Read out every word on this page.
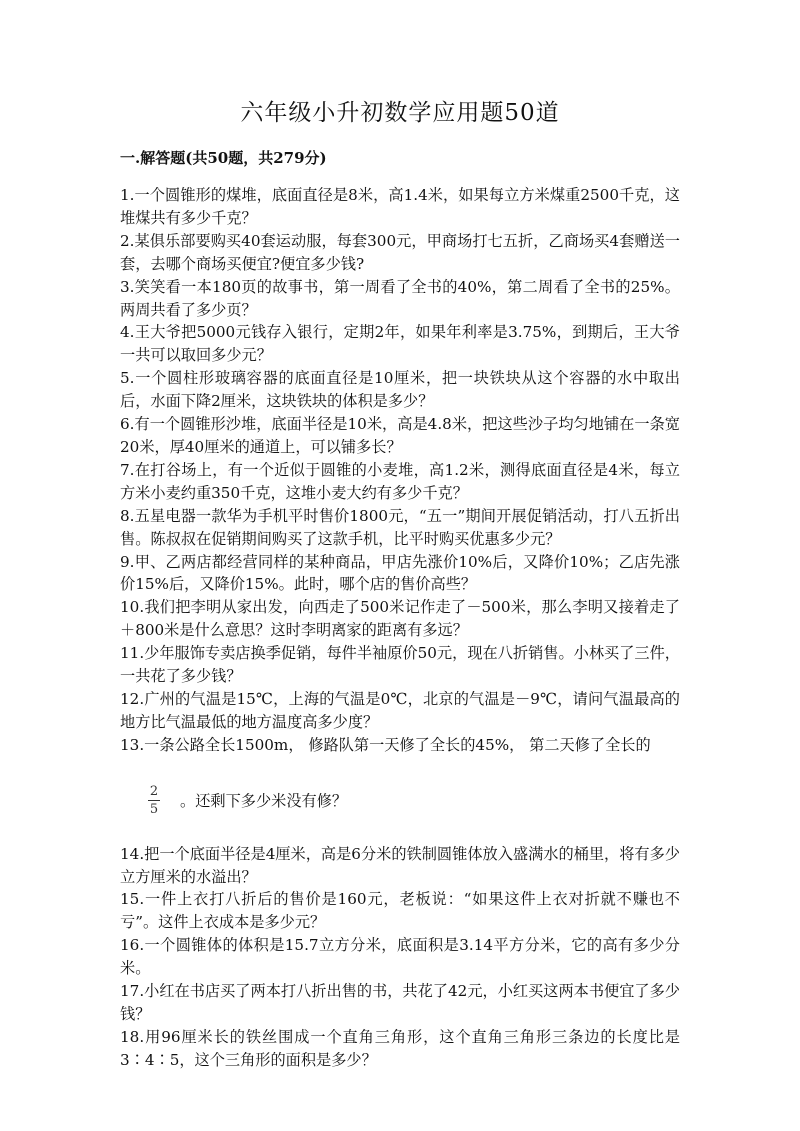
六年级小升初数学应用题50道
一.解答题(共50题，共279分)

1.一个圆锥形的煤堆，底面直径是8米，高1.4米，如果每立方米煤重2500千克，这堆煤共有多少千克？

2.某俱乐部要购买40套运动服，每套300元，甲商场打七五折，乙商场买4套赠送一套，去哪个商场买便宜?便宜多少钱?

3.笑笑看一本180页的故事书，第一周看了全书的40%，第二周看了全书的25%。两周共看了多少页？

4.王大爷把5000元钱存入银行，定期2年，如果年利率是3.75%，到期后，王大爷一共可以取回多少元？

5.一个圆柱形玻璃容器的底面直径是10厘米，把一块铁块从这个容器的水中取出后，水面下降2厘米，这块铁块的体积是多少？

6.有一个圆锥形沙堆，底面半径是10米，高是4.8米，把这些沙子均匀地铺在一条宽20米，厚40厘米的通道上，可以铺多长？

7.在打谷场上，有一个近似于圆锥的小麦堆，高1.2米，测得底面直径是4米，每立方米小麦约重350千克，这堆小麦大约有多少千克？

8.五星电器一款华为手机平时售价1800元，“五一”期间开展促销活动，打八五折出售。陈叔叔在促销期间购买了这款手机，比平时购买优惠多少元？

9.甲、乙两店都经营同样的某种商品，甲店先涨价10%后，又降价10%；乙店先涨价15%后，又降价15%。此时，哪个店的售价高些？

10.我们把李明从家出发，向西走了500米记作走了－500米，那么李明又接着走了＋800米是什么意思？这时李明离家的距离有多远？

11.少年服饰专卖店换季促销，每件半袖原价50元，现在八折销售。小林买了三件，一共花了多少钱？

12.广州的气温是15℃，上海的气温是0℃，北京的气温是－9℃，请问气温最高的地方比气温最低的地方温度高多少度？

13.一条公路全长1500m， 修路队第一天修了全长的45%， 第二天修了全长的

$\frac{2}{5}$ 。还剩下多少米没有修？

14.把一个底面半径是4厘米，高是6分米的铁制圆锥体放入盛满水的桶里，将有多少立方厘米的水溢出？

15.一件上衣打八折后的售价是160元，老板说：“如果这件上衣对折就不赚也不亏”。这件上衣成本是多少元？

16.一个圆锥体的体积是15.7立方分米，底面积是3.14平方分米，它的高有多少分米。

17.小红在书店买了两本打八折出售的书，共花了42元，小红买这两本书便宜了多少钱？

18.用96厘米长的铁丝围成一个直角三角形，这个直角三角形三条边的长度比是3∶4∶5，这个三角形的面积是多少？
